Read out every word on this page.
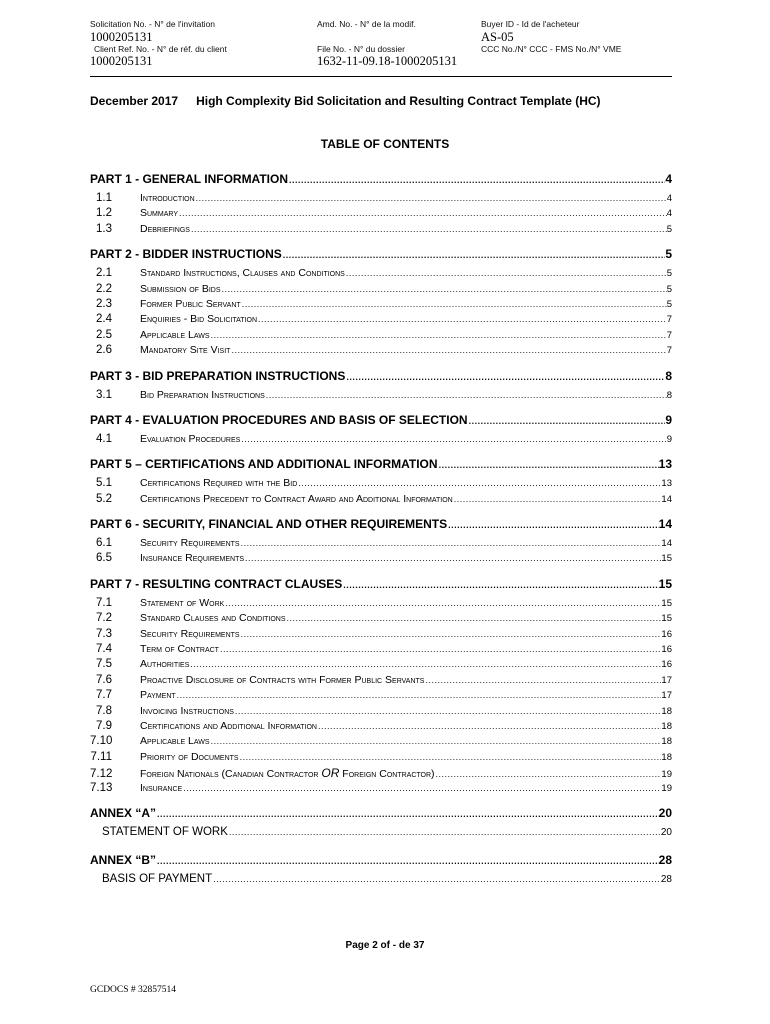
Solicitation No. - N° de l'invitation
1000205131
Amd. No. - N° de la modif.	Buyer ID - Id de l'acheteur
AS-05
Client Ref. No. - N° de réf. du client
1000205131
File No. - N° du dossier
1632-11-09.18-1000205131
CCC No./N° CCC - FMS No./N° VME
December 2017 High Complexity Bid Solicitation and Resulting Contract Template (HC)
TABLE OF CONTENTS
PART 1 - GENERAL INFORMATION .....	4
1.1	Introduction .....	4
1.2	Summary .....	4
1.3	Debriefings .....	5
PART 2 - BIDDER INSTRUCTIONS .....	5
2.1	Standard Instructions, Clauses and Conditions .....	5
2.2	Submission of Bids .....	5
2.3	Former Public Servant .....	5
2.4	Enquiries - Bid Solicitation .....	7
2.5	Applicable Laws .....	7
2.6	Mandatory Site Visit .....	7
PART 3 - BID PREPARATION INSTRUCTIONS .....	8
3.1	Bid Preparation Instructions .....	8
PART 4 - EVALUATION PROCEDURES AND BASIS OF SELECTION .....	9
4.1	Evaluation Procedures .....	9
PART 5 – CERTIFICATIONS AND ADDITIONAL INFORMATION .....	13
5.1	Certifications Required with the Bid .....	13
5.2	Certifications Precedent to Contract Award and Additional Information .....	14
PART 6 - SECURITY, FINANCIAL AND OTHER REQUIREMENTS .....	14
6.1	Security Requirements .....	14
6.5	Insurance Requirements .....	15
PART 7 - RESULTING CONTRACT CLAUSES .....	15
7.1	Statement of Work .....	15
7.2	Standard Clauses and Conditions .....	15
7.3	Security Requirements .....	16
7.4	Term of Contract .....	16
7.5	Authorities .....	16
7.6	Proactive Disclosure of Contracts with Former Public Servants .....	17
7.7	Payment .....	17
7.8	Invoicing Instructions .....	18
7.9	Certifications and Additional Information .....	18
7.10	Applicable Laws .....	18
7.11	Priority of Documents .....	18
7.12	Foreign Nationals (Canadian Contractor OR Foreign Contractor) .....	19
7.13	Insurance .....	19
ANNEX “A” .....	20
STATEMENT OF WORK .....	20
ANNEX “B” .....	28
BASIS OF PAYMENT .....	28
Page 2 of - de 37
GCDOCS # 32857514
